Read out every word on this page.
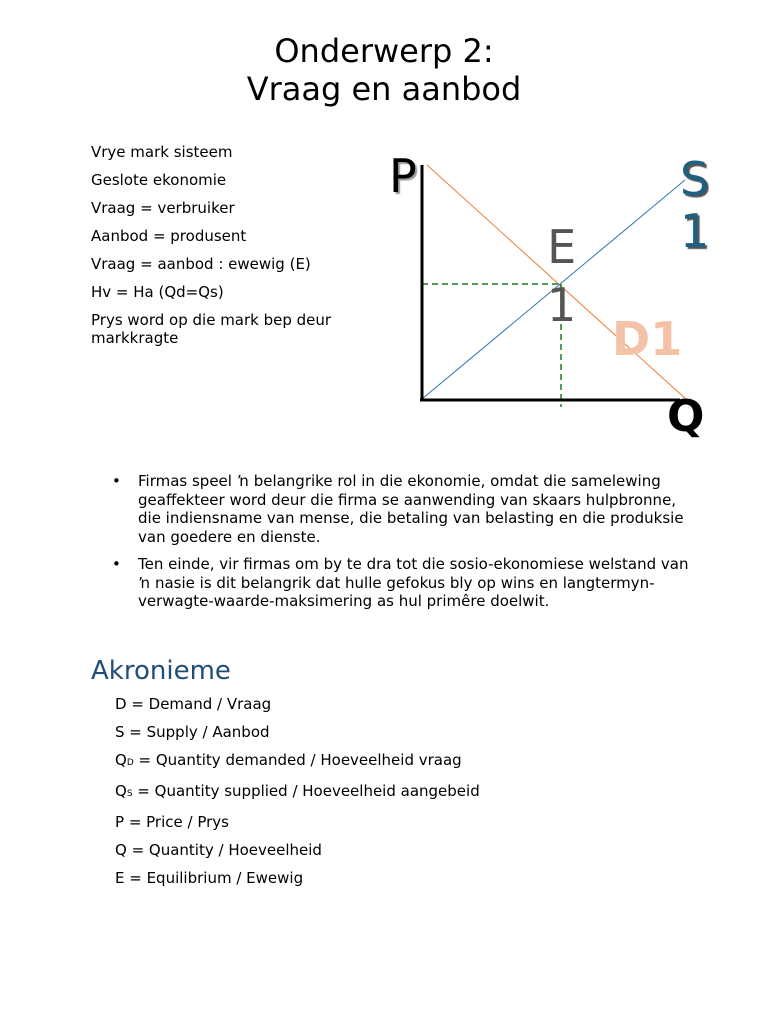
Onderwerp 2:
Vraag en aanbod
Vrye mark sisteem
Geslote ekonomie
Vraag = verbruiker
Aanbod = produsent
Vraag = aanbod : ewewig (E)
Hv = Ha (Qd=Qs)
Prys word op die mark bep deur markkragte
P
Q
S
1
E
1
D1
• Firmas speel ŉ belangrike rol in die ekonomie, omdat die samelewing geaffekteer word deur die firma se aanwending van skaars hulpbronne, die indiensname van mense, die betaling van belasting en die produksie van goedere en dienste.
• Ten einde, vir firmas om by te dra tot die sosio-ekonomiese welstand van ŉ nasie is dit belangrik dat hulle gefokus bly op wins en langtermyn-verwagte-waarde-maksimering as hul primêre doelwit.
Akronieme
D = Demand / Vraag
S = Supply / Aanbod
QD = Quantity demanded / Hoeveelheid vraag
QS = Quantity supplied / Hoeveelheid aangebeid
P = Price / Prys
Q = Quantity / Hoeveelheid
E = Equilibrium / Ewewig
